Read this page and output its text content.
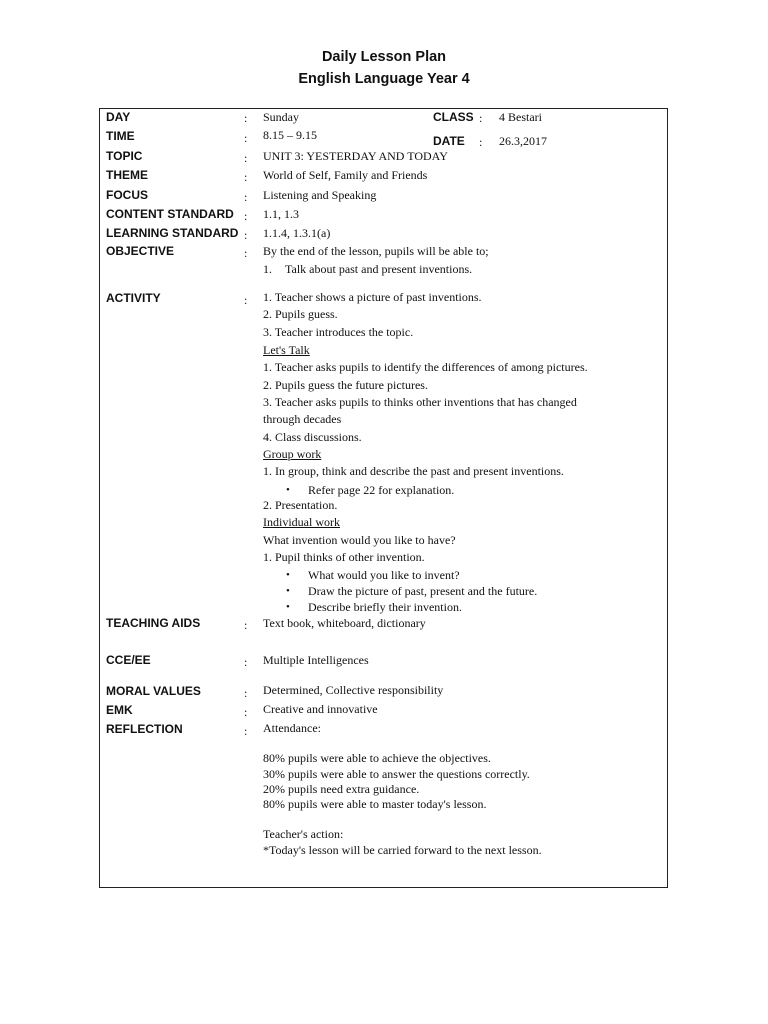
Daily Lesson Plan
English Language Year 4
DAY	: Sunday	CLASS : 4 Bestari
TIME	: 8.15 – 9.15	DATE : 26.3,2017
TOPIC	: UNIT 3: YESTERDAY AND TODAY
THEME	: World of Self, Family and Friends
FOCUS	: Listening and Speaking
CONTENT STANDARD : 1.1, 1.3
LEARNING STANDARD : 1.1.4, 1.3.1(a)
OBJECTIVE	: By the end of the lesson, pupils will be able to;
1. Talk about past and present inventions.
ACTIVITY	: 1. Teacher shows a picture of past inventions.
2. Pupils guess.
3. Teacher introduces the topic.
Let's Talk
1. Teacher asks pupils to identify the differences of among pictures.
2. Pupils guess the future pictures.
3. Teacher asks pupils to thinks other inventions that has changed
through decades
4. Class discussions.
Group work
1. In group, think and describe the past and present inventions.
• Refer page 22 for explanation.
2. Presentation.
Individual work
What invention would you like to have?
1. Pupil thinks of other invention.
• What would you like to invent?
• Draw the picture of past, present and the future.
• Describe briefly their invention.
TEACHING AIDS	: Text book, whiteboard, dictionary
CCE/EE	: Multiple Intelligences
MORAL VALUES	: Determined, Collective responsibility
EMK	: Creative and innovative
REFLECTION	: Attendance:
80% pupils were able to achieve the objectives.
30% pupils were able to answer the questions correctly.
20% pupils need extra guidance.
80% pupils were able to master today's lesson.
Teacher's action:
*Today's lesson will be carried forward to the next lesson.
